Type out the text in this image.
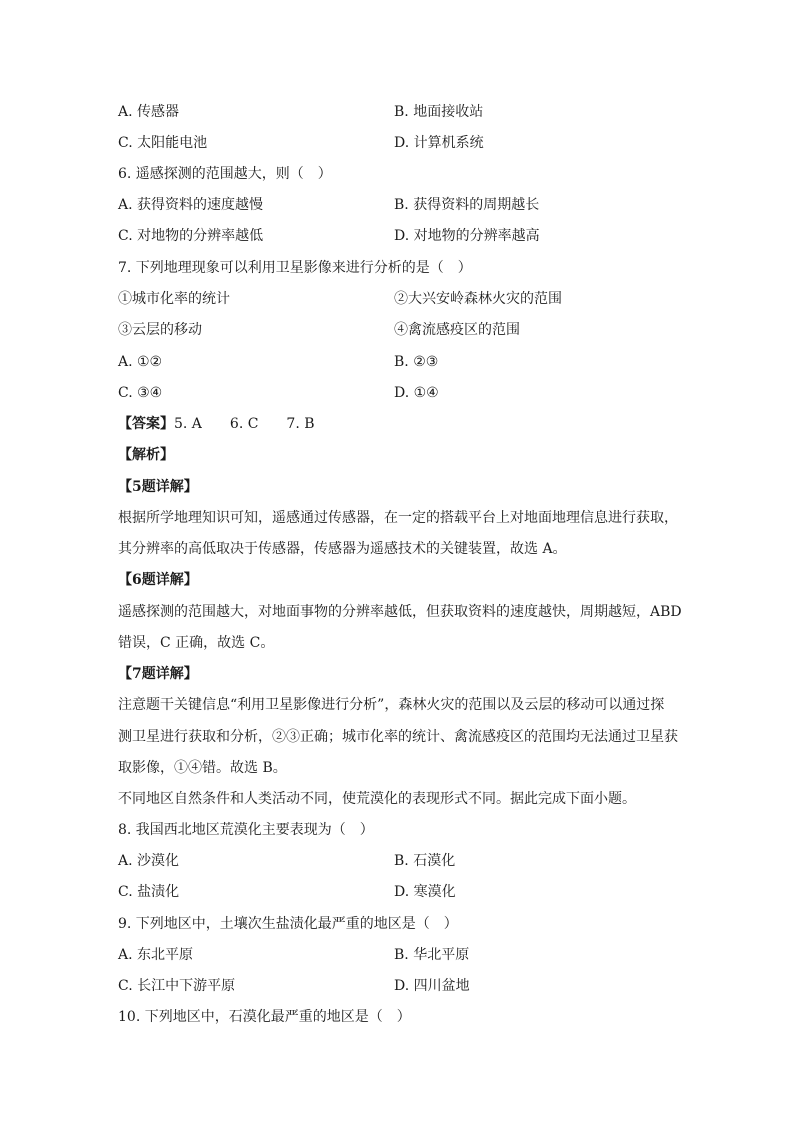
A. 传感器	B. 地面接收站
C. 太阳能电池	D. 计算机系统
6. 遥感探测的范围越大，则（　）
A. 获得资料的速度越慢	B. 获得资料的周期越长
C. 对地物的分辨率越低	D. 对地物的分辨率越高
7. 下列地理现象可以利用卫星影像来进行分析的是（　）
①城市化率的统计	②大兴安岭森林火灾的范围
③云层的移动	④禽流感疫区的范围
A. ①②	B. ②③
C. ③④	D. ①④
【答案】5. A　　6. C　　7. B
【解析】
【5题详解】
根据所学地理知识可知，遥感通过传感器，在一定的搭载平台上对地面地理信息进行获取，
其分辨率的高低取决于传感器，传感器为遥感技术的关键装置，故选 A。
【6题详解】
遥感探测的范围越大，对地面事物的分辨率越低，但获取资料的速度越快，周期越短，ABD
错误，C 正确，故选 C。
【7题详解】
注意题干关键信息“利用卫星影像进行分析”，森林火灾的范围以及云层的移动可以通过探
测卫星进行获取和分析，②③正确；城市化率的统计、禽流感疫区的范围均无法通过卫星获
取影像，①④错。故选 B。
不同地区自然条件和人类活动不同，使荒漠化的表现形式不同。据此完成下面小题。
8. 我国西北地区荒漠化主要表现为（　）
A. 沙漠化	B. 石漠化
C. 盐渍化	D. 寒漠化
9. 下列地区中，土壤次生盐渍化最严重的地区是（　）
A. 东北平原	B. 华北平原
C. 长江中下游平原	D. 四川盆地
10. 下列地区中，石漠化最严重的地区是（　）
